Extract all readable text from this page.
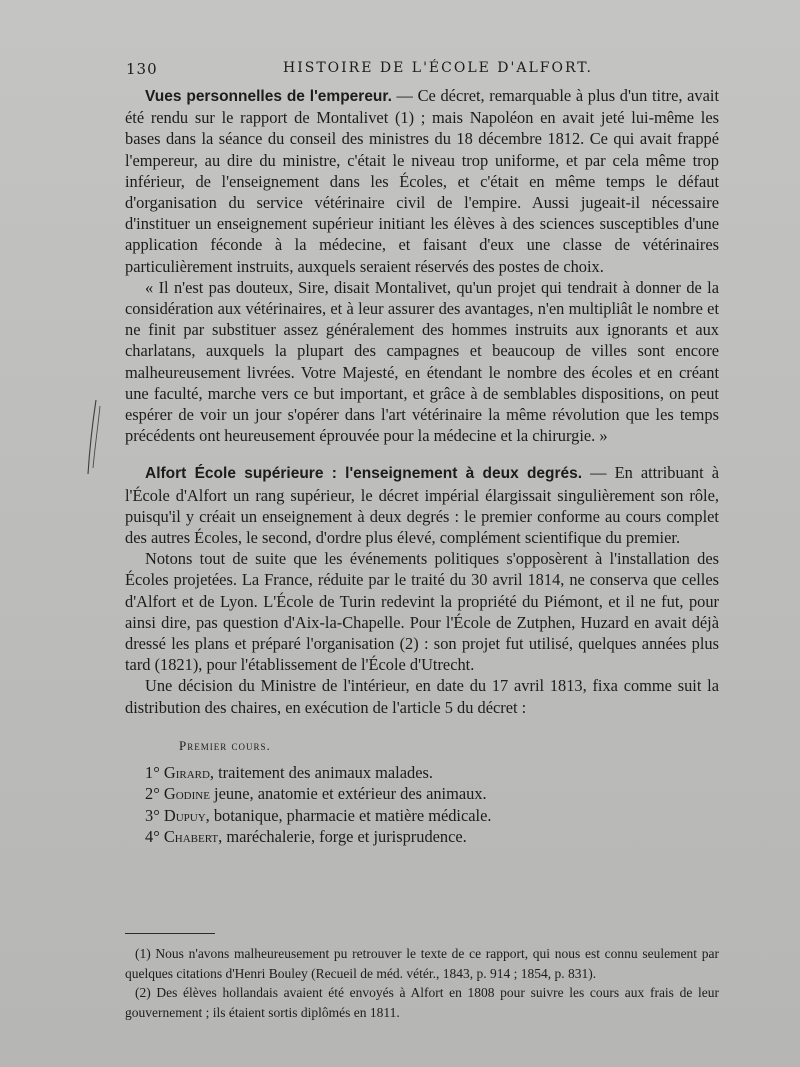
130	HISTOIRE DE L'ÉCOLE D'ALFORT.

Vues personnelles de l'empereur. — Ce décret, remarquable à plus d'un titre, avait été rendu sur le rapport de Montalivet (1) ; mais Napoléon en avait jeté lui-même les bases dans la séance du conseil des ministres du 18 décembre 1812. Ce qui avait frappé l'empereur, au dire du ministre, c'était le niveau trop uniforme, et par cela même trop inférieur, de l'enseignement dans les Écoles, et c'était en même temps le défaut d'organisation du service vétérinaire civil de l'empire. Aussi jugeait-il nécessaire d'instituer un enseignement supérieur initiant les élèves à des sciences susceptibles d'une application féconde à la médecine, et faisant d'eux une classe de vétérinaires particulièrement instruits, auxquels seraient réservés des postes de choix.

« Il n'est pas douteux, Sire, disait Montalivet, qu'un projet qui tendrait à donner de la considération aux vétérinaires, et à leur assurer des avantages, n'en multipliât le nombre et ne finit par substituer assez généralement des hommes instruits aux ignorants et aux charlatans, auxquels la plupart des campagnes et beaucoup de villes sont encore malheureusement livrées. Votre Majesté, en étendant le nombre des écoles et en créant une faculté, marche vers ce but important, et grâce à de semblables dispositions, on peut espérer de voir un jour s'opérer dans l'art vétérinaire la même révolution que les temps précédents ont heureusement éprouvée pour la médecine et la chirurgie. »

Alfort École supérieure : l'enseignement à deux degrés. — En attribuant à l'École d'Alfort un rang supérieur, le décret impérial élargissait singulièrement son rôle, puisqu'il y créait un enseignement à deux degrés : le premier conforme au cours complet des autres Écoles, le second, d'ordre plus élevé, complément scientifique du premier.

Notons tout de suite que les événements politiques s'opposèrent à l'installation des Écoles projetées. La France, réduite par le traité du 30 avril 1814, ne conserva que celles d'Alfort et de Lyon. L'École de Turin redevint la propriété du Piémont, et il ne fut, pour ainsi dire, pas question d'Aix-la-Chapelle. Pour l'École de Zutphen, Huzard en avait déjà dressé les plans et préparé l'organisation (2) : son projet fut utilisé, quelques années plus tard (1821), pour l'établissement de l'École d'Utrecht.

Une décision du Ministre de l'intérieur, en date du 17 avril 1813, fixa comme suit la distribution des chaires, en exécution de l'article 5 du décret :

Premier cours.
1° Girard, traitement des animaux malades.
2° Godine jeune, anatomie et extérieur des animaux.
3° Dupuy, botanique, pharmacie et matière médicale.
4° Chabert, maréchalerie, forge et jurisprudence.

(1) Nous n'avons malheureusement pu retrouver le texte de ce rapport, qui nous est connu seulement par quelques citations d'Henri Bouley (Recueil de méd. vétér., 1843, p. 914 ; 1854, p. 831).

(2) Des élèves hollandais avaient été envoyés à Alfort en 1808 pour suivre les cours aux frais de leur gouvernement ; ils étaient sortis diplômés en 1811.
